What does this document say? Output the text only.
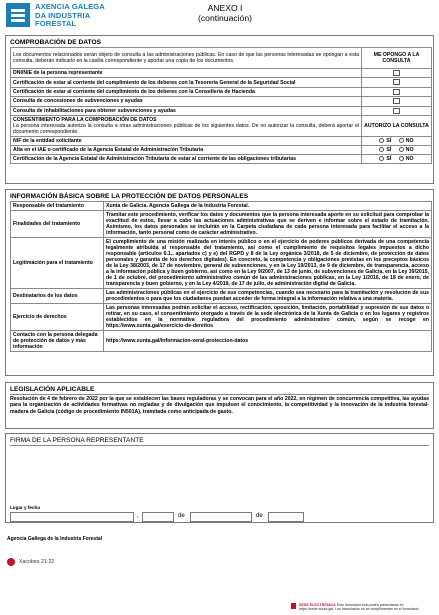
AXENCIA GALEGA
DA INDUSTRIA
FORESTAL
ANEXO I
(continuación)
COMPROBACIÓN DE DATOS
Los documentos relacionados serán objeto de consulta a las administraciones públicas. En caso de que las personas interesadas se opongan a esta consulta, deberán indicarlo en la casilla correspondiente y aportar una copia de los documentos.	ME OPONGO A LA CONSULTA
DNI/NIE de la persona representante	
Certificación de estar al corriente del cumplimiento de los deberes con la Tesorería General de la Seguridad Social	
Certificación de estar al corriente del cumplimiento de los deberes con la Consellería de Hacienda	
Consulta de concesiones de subvenciones y ayudas	
Consulta de inhabilitaciones para obtener subvenciones y ayudas	

CONSENTIMIENTO PARA LA COMPROBACIÓN DE DATOS
La persona interesada autoriza la consulta a otras administraciones públicas de los siguientes datos. De no autorizar la consulta, deberá aportar el documento correspondiente.	AUTORIZO LA CONSULTA
NIF de la entidad solicitante	SÍ NO
Alta en el IAE o certificado de la Agencia Estatal de Administración Tributaria	SÍ NO
Certificación de la Agencia Estatal de Administración Tributaria de estar al corriente de las obligaciones tributarias	SÍ NO
INFORMACIÓN BÁSICA SOBRE LA PROTECCIÓN DE DATOS PERSONALES
Responsable del tratamiento	Xunta de Galicia. Agencia Gallega de la Industria Forestal.
Finalidades del tratamiento	Tramitar este procedimiento, verificar los datos y documentos que la persona interesada aporte en su solicitud para comprobar la exactitud de estos, llevar a cabo las actuaciones administrativas que se deriven e informar sobre el estado de tramitación. Asimismo, los datos personales se incluirán en la Carpeta ciudadana de cada persona interesada para facilitar el acceso a la información, tanto personal como de carácter administrativo.
Legitimación para el tratamiento	El cumplimiento de una misión realizada en interés público o en el ejercicio de poderes públicos derivada de una competencia legalmente atribuida al responsable del tratamiento, así como el cumplimiento de requisitos legales impuestos a dicho responsable (artículos 6.1., apartados c) y e) del RGPD y 8 de la Ley orgánica 3/2018, de 5 de diciembre, de protección de datos personales y garantía de los derechos digitales). En concreto, la competencia y obligaciones previstas en los preceptos básicos de la Ley 38/2003, de 17 de noviembre, general de subvenciones, y en la Ley 19/2013, de 9 de diciembre, de transparencia, acceso a la información pública y buen gobierno, así como en la Ley 9/2007, de 13 de junio, de subvenciones de Galicia, en la Ley 39/2015, de 1 de octubre, del procedimiento administrativo común de las administraciones públicas, en la Ley 1/2016, de 18 de enero, de transparencia y buen gobierno, y en la Ley 4/2019, de 17 de julio, de administración digital de Galicia.
Destinatarios de los datos	Las administraciones públicas en el ejercicio de sus competencias, cuando sea necesario para la tramitación y resolución de sus procedimientos o para que los ciudadanos puedan acceder de forma integral a la información relativa a una materia.
Ejercicio de derechos	Las personas interesadas podrán solicitar el acceso, rectificación, oposición, limitación, portabilidad y supresión de sus datos o retirar, en su caso, el consentimiento otorgado a través de la sede electrónica de la Xunta de Galicia o en los lugares y registros establecidos en la normativa reguladora del procedimiento administrativo común, según se recoge en https://www.xunta.gal/exercicio-de-dereitos
Contacto con la persona delegada de protección de datos y más información	https://www.xunta.gal/informacion-xeral-proteccion-datos
LEGISLACIÓN APLICABLE
Resolución de 4 de febrero de 2022 por la que se establecen las bases reguladoras y se convocan para el año 2022, en régimen de concurrencia competitiva, las ayudas para la organización de actividades formativas no regladas y de divulgación que impulsen el conocimiento, la competitividad y la innovación de la industria forestal-madera de Galicia (código de procedimiento IN501A), tramitada como anticipada de gasto.
FIRMA DE LA PERSONA REPRESENTANTE
Lugar y fecha
,	de	de
Agencia Gallega de la Industria Forestal
Xacobeo 21·22
SEDE ELECTRÓNICA Este formulario solo podrá presentarse en https://sede.xunta.gal. Los formularios no se cumplimentan en el formulario
